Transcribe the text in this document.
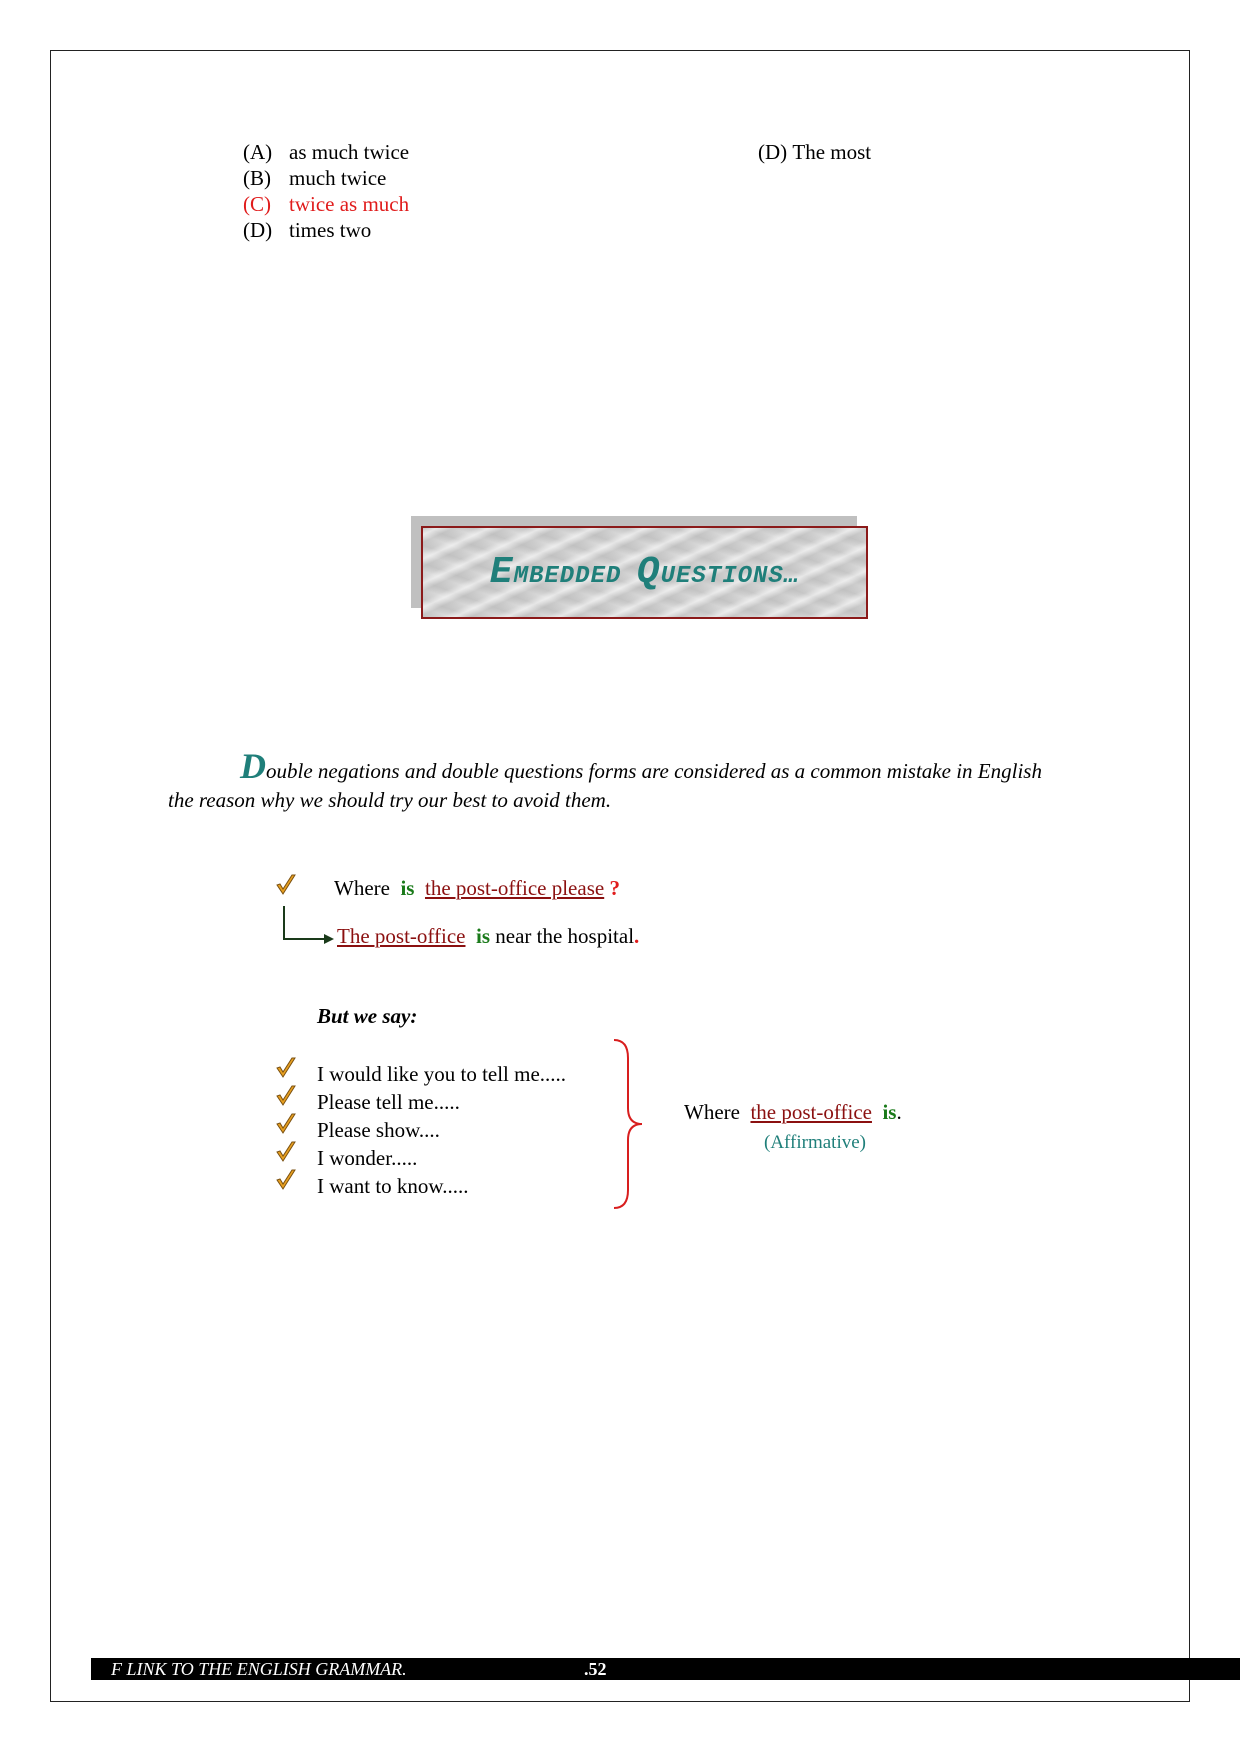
(A) as much twice
(B) much twice
(C) twice as much
(D) times two
(D) The most
EMBEDDED QUESTIONS…
Double negations and double questions forms are considered as a common mistake in English the reason why we should try our best to avoid them.
Where is the post-office please ?
The post-office is near the hospital.
But we say:
I would like you to tell me.....
Please tell me.....
Please show....
I wonder.....
I want to know.....
Where the post-office is.
(Affirmative)
F LINK TO THE ENGLISH GRAMMAR.	.52
